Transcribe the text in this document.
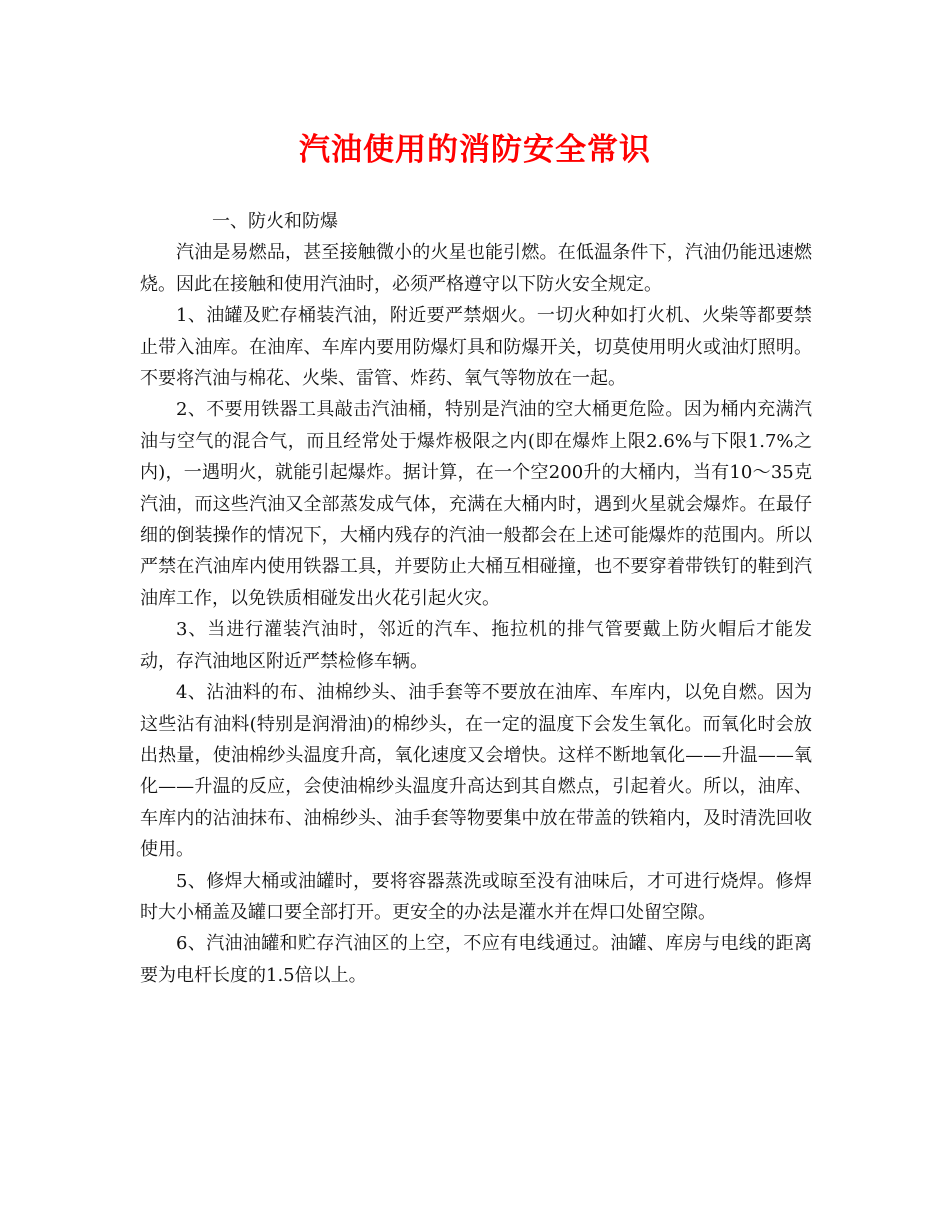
汽油使用的消防安全常识

一、防火和防爆

汽油是易燃品，甚至接触微小的火星也能引燃。在低温条件下，汽油仍能迅速燃烧。因此在接触和使用汽油时，必须严格遵守以下防火安全规定。

1、油罐及贮存桶装汽油，附近要严禁烟火。一切火种如打火机、火柴等都要禁止带入油库。在油库、车库内要用防爆灯具和防爆开关，切莫使用明火或油灯照明。不要将汽油与棉花、火柴、雷管、炸药、氧气等物放在一起。

2、不要用铁器工具敲击汽油桶，特别是汽油的空大桶更危险。因为桶内充满汽油与空气的混合气，而且经常处于爆炸极限之内(即在爆炸上限2.6%与下限1.7%之内)，一遇明火，就能引起爆炸。据计算，在一个空200升的大桶内，当有10～35克汽油，而这些汽油又全部蒸发成气体，充满在大桶内时，遇到火星就会爆炸。在最仔细的倒装操作的情况下，大桶内残存的汽油一般都会在上述可能爆炸的范围内。所以严禁在汽油库内使用铁器工具，并要防止大桶互相碰撞，也不要穿着带铁钉的鞋到汽油库工作，以免铁质相碰发出火花引起火灾。

3、当进行灌装汽油时，邻近的汽车、拖拉机的排气管要戴上防火帽后才能发动，存汽油地区附近严禁检修车辆。

4、沾油料的布、油棉纱头、油手套等不要放在油库、车库内，以免自燃。因为这些沾有油料(特别是润滑油)的棉纱头，在一定的温度下会发生氧化。而氧化时会放出热量，使油棉纱头温度升高，氧化速度又会增快。这样不断地氧化——升温——氧化——升温的反应，会使油棉纱头温度升高达到其自燃点，引起着火。所以，油库、车库内的沾油抹布、油棉纱头、油手套等物要集中放在带盖的铁箱内，及时清洗回收使用。

5、修焊大桶或油罐时，要将容器蒸洗或晾至没有油味后，才可进行烧焊。修焊时大小桶盖及罐口要全部打开。更安全的办法是灌水并在焊口处留空隙。

6、汽油油罐和贮存汽油区的上空，不应有电线通过。油罐、库房与电线的距离要为电杆长度的1.5倍以上。
